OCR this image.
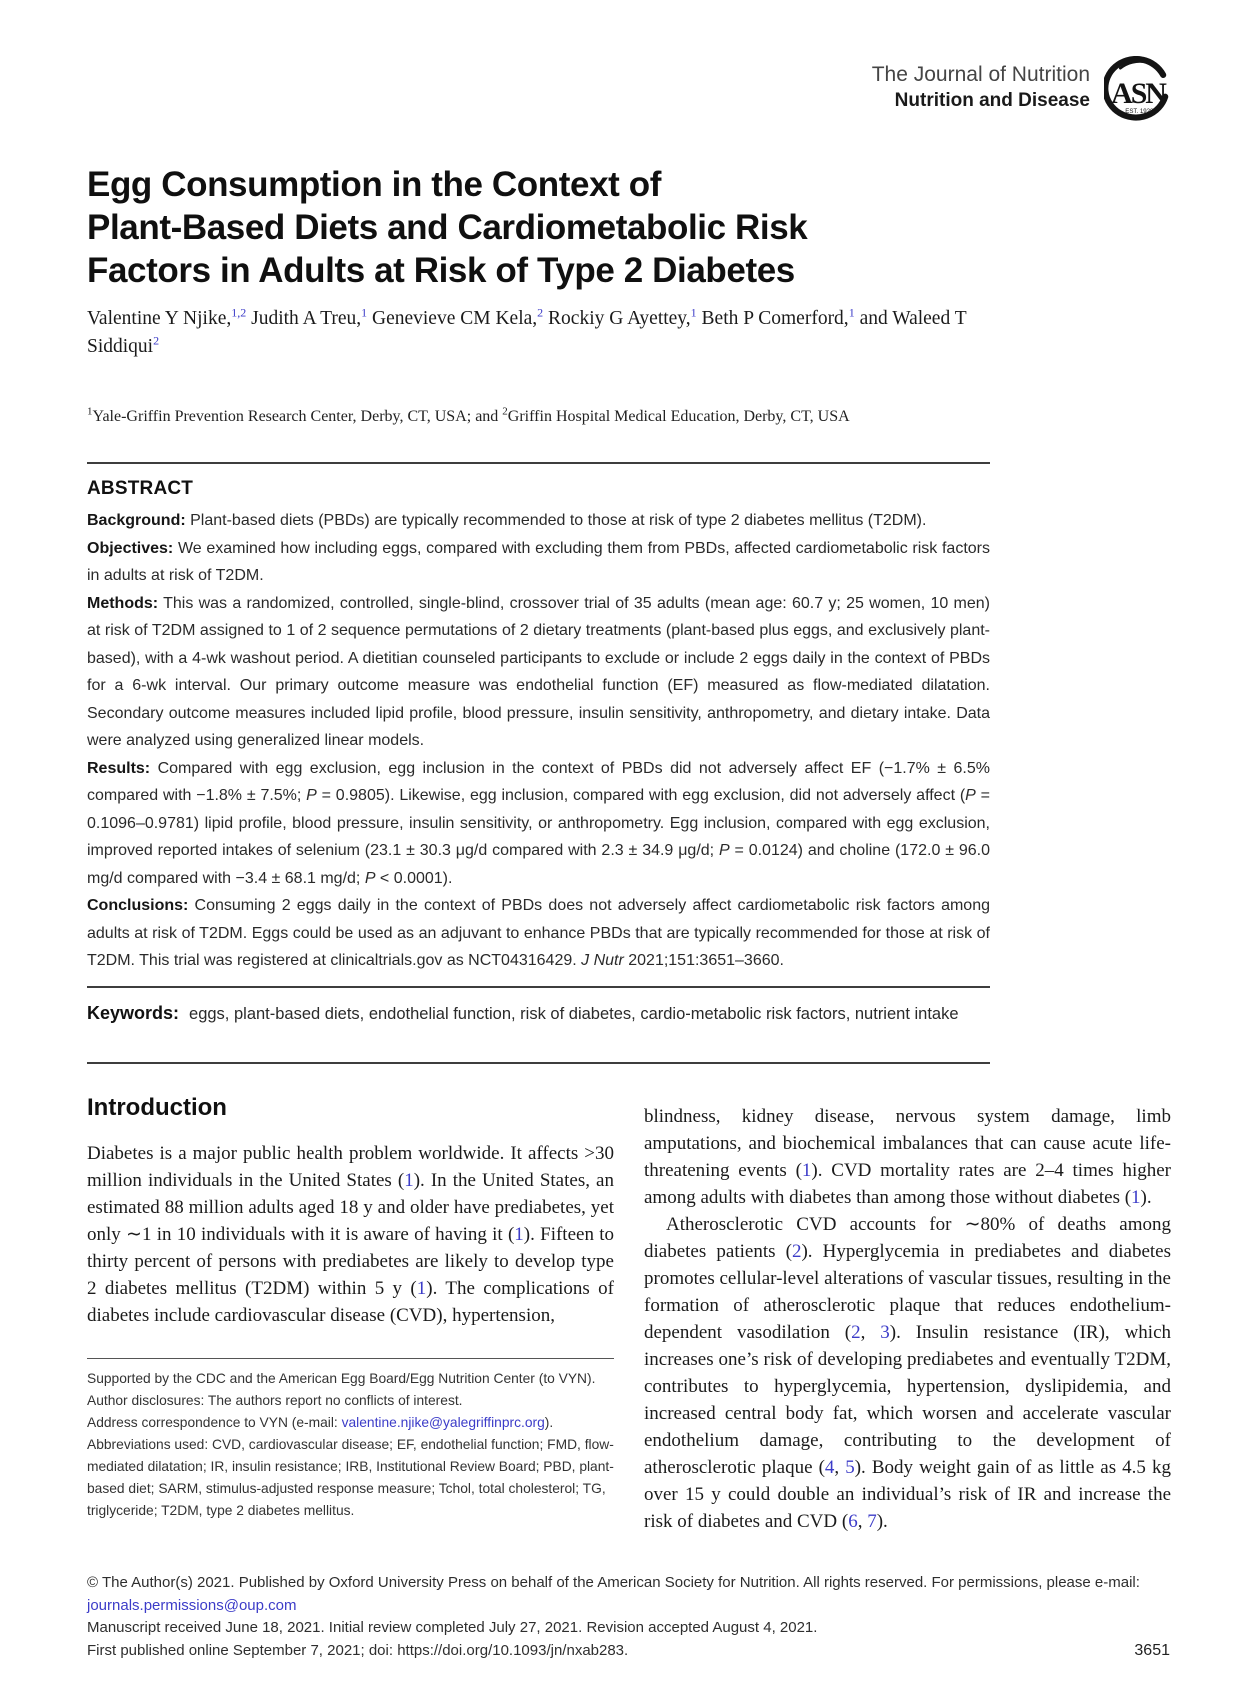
The Journal of Nutrition
Nutrition and Disease ASN
EST. 1928
Egg Consumption in the Context of
Plant-Based Diets and Cardiometabolic Risk
Factors in Adults at Risk of Type 2 Diabetes
Valentine Y Njike,$^{1,2}$ Judith A Treu,$^1$ Genevieve CM Kela,$^2$ Rockiy G Ayettey,$^1$ Beth P Comerford,$^1$ and Waleed T Siddiqui$^2$
$^1$Yale-Griffin Prevention Research Center, Derby, CT, USA; and $^2$Griffin Hospital Medical Education, Derby, CT, USA
ABSTRACT

Background: Plant-based diets (PBDs) are typically recommended to those at risk of type 2 diabetes mellitus (T2DM).

Objectives: We examined how including eggs, compared with excluding them from PBDs, affected cardiometabolic risk factors in adults at risk of T2DM.

Methods: This was a randomized, controlled, single-blind, crossover trial of 35 adults (mean age: 60.7 y; 25 women, 10 men) at risk of T2DM assigned to 1 of 2 sequence permutations of 2 dietary treatments (plant-based plus eggs, and exclusively plant-based), with a 4-wk washout period. A dietitian counseled participants to exclude or include 2 eggs daily in the context of PBDs for a 6-wk interval. Our primary outcome measure was endothelial function (EF) measured as flow-mediated dilatation. Secondary outcome measures included lipid profile, blood pressure, insulin sensitivity, anthropometry, and dietary intake. Data were analyzed using generalized linear models.

Results: Compared with egg exclusion, egg inclusion in the context of PBDs did not adversely affect EF (−1.7% ± 6.5% compared with −1.8% ± 7.5%; P = 0.9805). Likewise, egg inclusion, compared with egg exclusion, did not adversely affect (P = 0.1096–0.9781) lipid profile, blood pressure, insulin sensitivity, or anthropometry. Egg inclusion, compared with egg exclusion, improved reported intakes of selenium (23.1 ± 30.3 μg/d compared with 2.3 ± 34.9 μg/d; P = 0.0124) and choline (172.0 ± 96.0 mg/d compared with −3.4 ± 68.1 mg/d; P < 0.0001).

Conclusions: Consuming 2 eggs daily in the context of PBDs does not adversely affect cardiometabolic risk factors among adults at risk of T2DM. Eggs could be used as an adjuvant to enhance PBDs that are typically recommended for those at risk of T2DM. This trial was registered at clinicaltrials.gov as NCT04316429. J Nutr 2021;151:3651–3660.

Keywords: eggs, plant-based diets, endothelial function, risk of diabetes, cardio-metabolic risk factors, nutrient intake
Introduction

Diabetes is a major public health problem worldwide. It affects >30 million individuals in the United States (1). In the United States, an estimated 88 million adults aged 18 y and older have prediabetes, yet only ∼1 in 10 individuals with it is aware of having it (1). Fifteen to thirty percent of persons with prediabetes are likely to develop type 2 diabetes mellitus (T2DM) within 5 y (1). The complications of diabetes include cardiovascular disease (CVD), hypertension,

blindness, kidney disease, nervous system damage, limb amputations, and biochemical imbalances that can cause acute life-threatening events (1). CVD mortality rates are 2–4 times higher among adults with diabetes than among those without diabetes (1).

Atherosclerotic CVD accounts for ∼80% of deaths among diabetes patients (2). Hyperglycemia in prediabetes and diabetes promotes cellular-level alterations of vascular tissues, resulting in the formation of atherosclerotic plaque that reduces endothelium-dependent vasodilation (2, 3). Insulin resistance (IR), which increases one’s risk of developing prediabetes and eventually T2DM, contributes to hyperglycemia, hypertension, dyslipidemia, and increased central body fat, which worsen and accelerate vascular endothelium damage, contributing to the development of atherosclerotic plaque (4, 5). Body weight gain of as little as 4.5 kg over 15 y could double an individual’s risk of IR and increase the risk of diabetes and CVD (6, 7).

Supported by the CDC and the American Egg Board/Egg Nutrition Center (to VYN).
Author disclosures: The authors report no conflicts of interest.
Address correspondence to VYN (e-mail: valentine.njike@yalegriffinprc.org).
Abbreviations used: CVD, cardiovascular disease; EF, endothelial function; FMD, flow-mediated dilatation; IR, insulin resistance; IRB, Institutional Review Board; PBD, plant-based diet; SARM, stimulus-adjusted response measure; Tchol, total cholesterol; TG, triglyceride; T2DM, type 2 diabetes mellitus.
© The Author(s) 2021. Published by Oxford University Press on behalf of the American Society for Nutrition. All rights reserved. For permissions, please e-mail:
journals.permissions@oup.com
Manuscript received June 18, 2021. Initial review completed July 27, 2021. Revision accepted August 4, 2021.
First published online September 7, 2021; doi: https://doi.org/10.1093/jn/nxab283.	3651
